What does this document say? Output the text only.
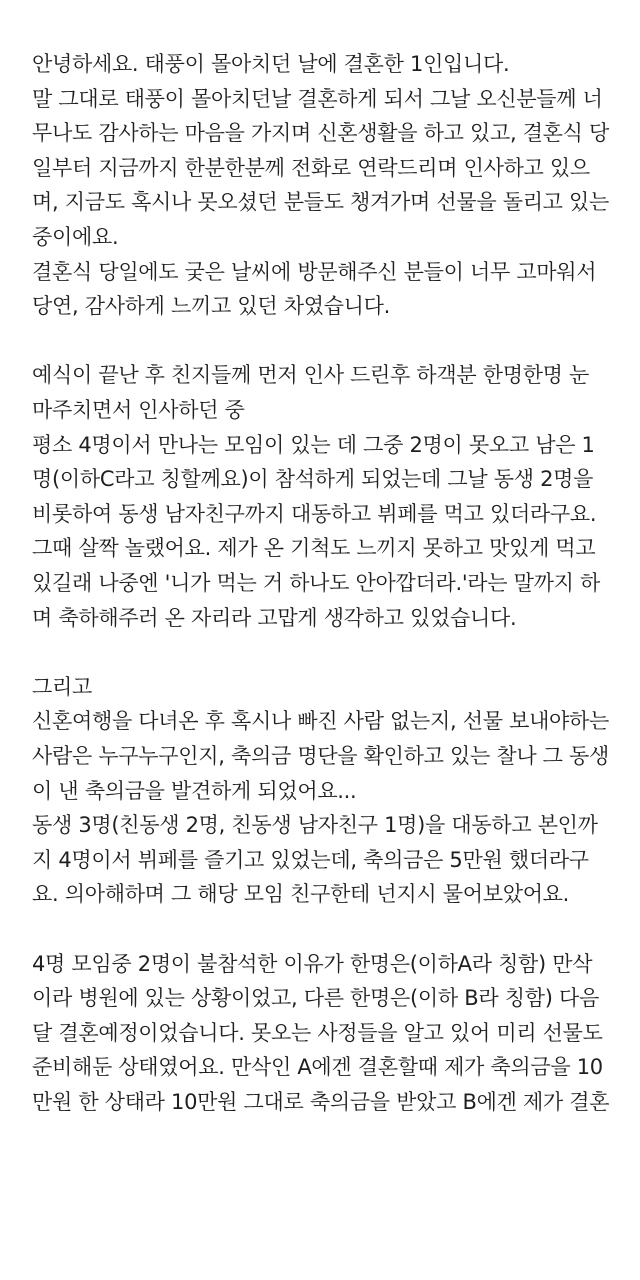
안녕하세요. 태풍이 몰아치던 날에 결혼한 1인입니다.
말 그대로 태풍이 몰아치던날 결혼하게 되서 그날 오신분들께 너
무나도 감사하는 마음을 가지며 신혼생활을 하고 있고, 결혼식 당
일부터 지금까지 한분한분께 전화로 연락드리며 인사하고 있으
며, 지금도 혹시나 못오셨던 분들도 챙겨가며 선물을 돌리고 있는
중이에요.
결혼식 당일에도 궂은 날씨에 방문해주신 분들이 너무 고마워서
당연, 감사하게 느끼고 있던 차였습니다.
예식이 끝난 후 친지들께 먼저 인사 드린후 하객분 한명한명 눈
마주치면서 인사하던 중
평소 4명이서 만나는 모임이 있는 데 그중 2명이 못오고 남은 1
명(이하C라고 칭할께요)이 참석하게 되었는데 그날 동생 2명을
비롯하여 동생 남자친구까지 대동하고 뷔페를 먹고 있더라구요.
그때 살짝 놀랬어요. 제가 온 기척도 느끼지 못하고 맛있게 먹고
있길래 나중엔 '니가 먹는 거 하나도 안아깝더라.'라는 말까지 하
며 축하해주러 온 자리라 고맙게 생각하고 있었습니다.
그리고
신혼여행을 다녀온 후 혹시나 빠진 사람 없는지, 선물 보내야하는
사람은 누구누구인지, 축의금 명단을 확인하고 있는 찰나 그 동생
이 낸 축의금을 발견하게 되었어요...
동생 3명(친동생 2명, 친동생 남자친구 1명)을 대동하고 본인까
지 4명이서 뷔페를 즐기고 있었는데, 축의금은 5만원 했더라구
요. 의아해하며 그 해당 모임 친구한테 넌지시 물어보았어요.
4명 모임중 2명이 불참석한 이유가 한명은(이하A라 칭함) 만삭
이라 병원에 있는 상황이었고, 다른 한명은(이하 B라 칭함) 다음
달 결혼예정이었습니다. 못오는 사정들을 알고 있어 미리 선물도
준비해둔 상태였어요. 만삭인 A에겐 결혼할때 제가 축의금을 10
만원 한 상태라 10만원 그대로 축의금을 받았고 B에겐 제가 결혼
